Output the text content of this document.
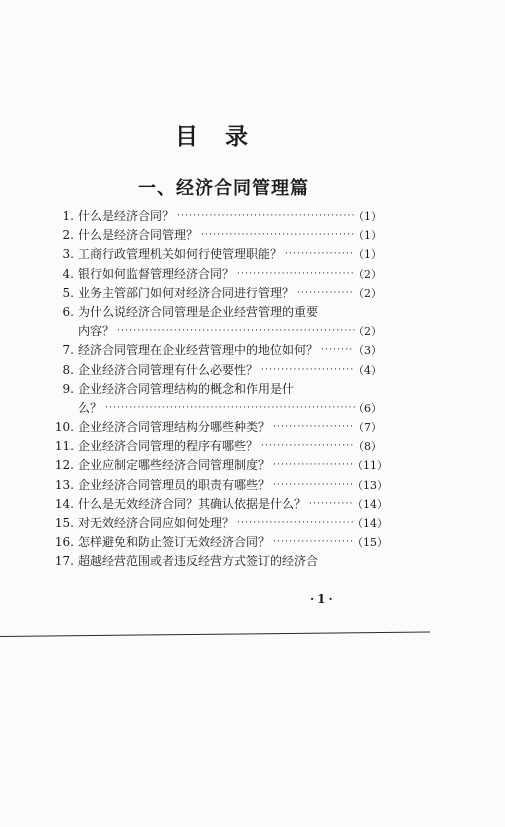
目 录
一、经济合同管理篇
1. 什么是经济合同？	（1）
············································
2. 什么是经济合同管理？	（1）
······································
3. 工商行政管理机关如何行使管理职能？	（1）
·················
4. 银行如何监督管理经济合同？	（2）
·····························
5. 业务主管部门如何对经济合同进行管理？	（2）
··············
6. 为什么说经济合同管理是企业经营管理的重要
内容？	（2）
···························································
7. 经济合同管理在企业经营管理中的地位如何？	（3）
········
8. 企业经济合同管理有什么必要性？	（4）
·······················
9. 企业经济合同管理结构的概念和作用是什
么？	（6）
······························································
10. 企业经济合同管理结构分哪些种类？	（7）
····················
11. 企业经济合同管理的程序有哪些？	（8）
·······················
12. 企业应制定哪些经济合同管理制度？	（11）
····················
13. 企业经济合同管理员的职责有哪些？	（13）
····················
14. 什么是无效经济合同？其确认依据是什么？	（14）
···········
15. 对无效经济合同应如何处理？	（14）
·····························
16. 怎样避免和防止签订无效经济合同？	（15）
····················
17. 超越经营范围或者违反经营方式签订的经济合
·1·
